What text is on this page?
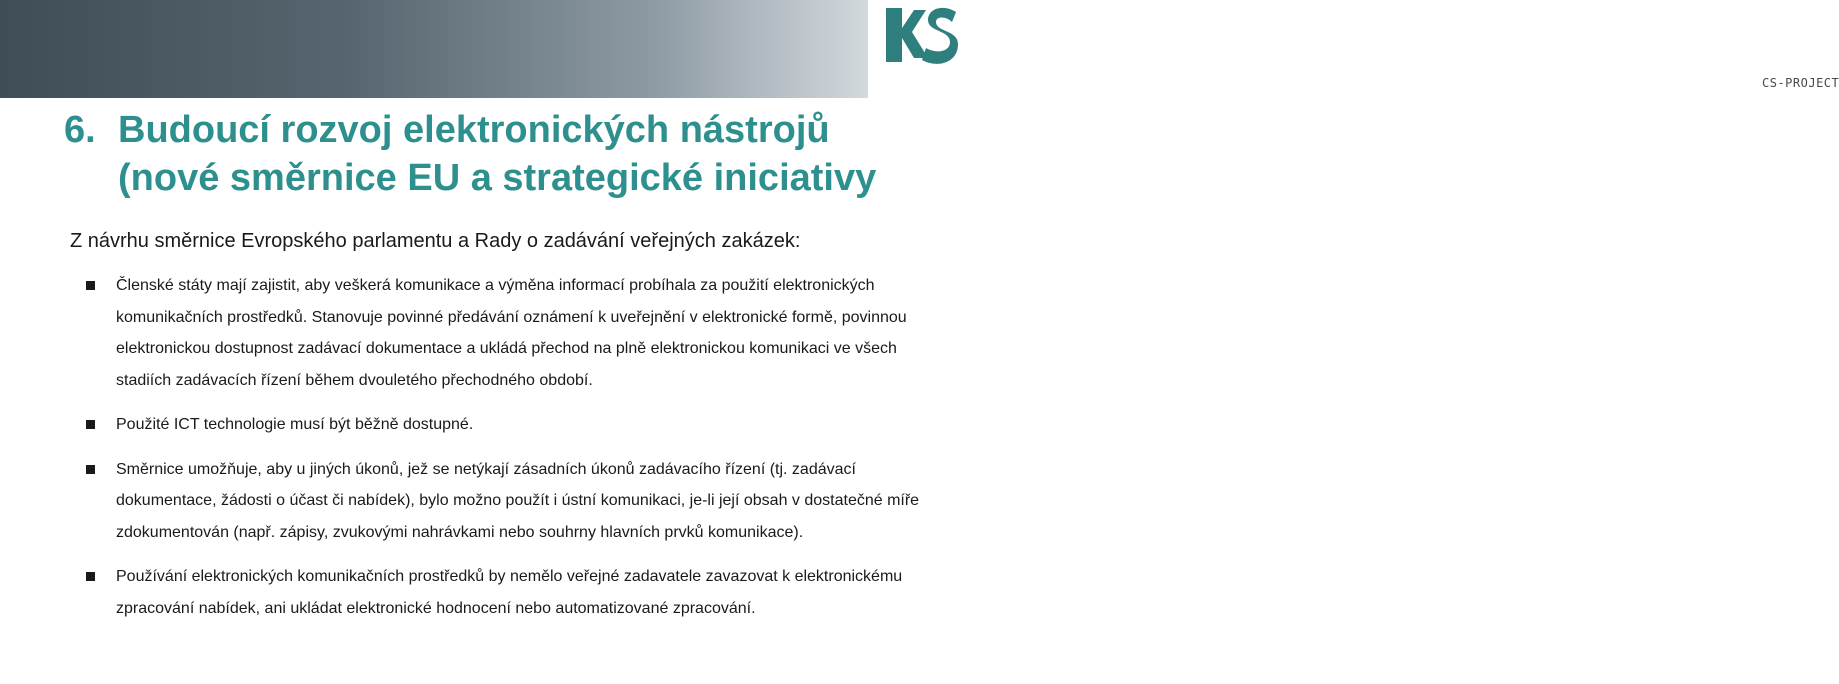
CS-PROJECT
6. Budoucí rozvoj elektronických nástrojů
(nové směrnice EU a strategické iniciativy
Z návrhu směrnice Evropského parlamentu a Rady o zadávání veřejných zakázek:
Členské státy mají zajistit, aby veškerá komunikace a výměna informací probíhala za použití elektronických komunikačních prostředků. Stanovuje povinné předávání oznámení k uveřejnění v elektronické formě, povinnou elektronickou dostupnost zadávací dokumentace a ukládá přechod na plně elektronickou komunikaci ve všech stadiích zadávacích řízení během dvouletého přechodného období.
Použité ICT technologie musí být běžně dostupné.
Směrnice umožňuje, aby u jiných úkonů, jež se netýkají zásadních úkonů zadávacího řízení (tj. zadávací dokumentace, žádosti o účast či nabídek), bylo možno použít i ústní komunikaci, je-li její obsah v dostatečné míře zdokumentován (např. zápisy, zvukovými nahrávkami nebo souhrny hlavních prvků komunikace).
Používání elektronických komunikačních prostředků by nemělo veřejné zadavatele zavazovat k elektronickému zpracování nabídek, ani ukládat elektronické hodnocení nebo automatizované zpracování.
